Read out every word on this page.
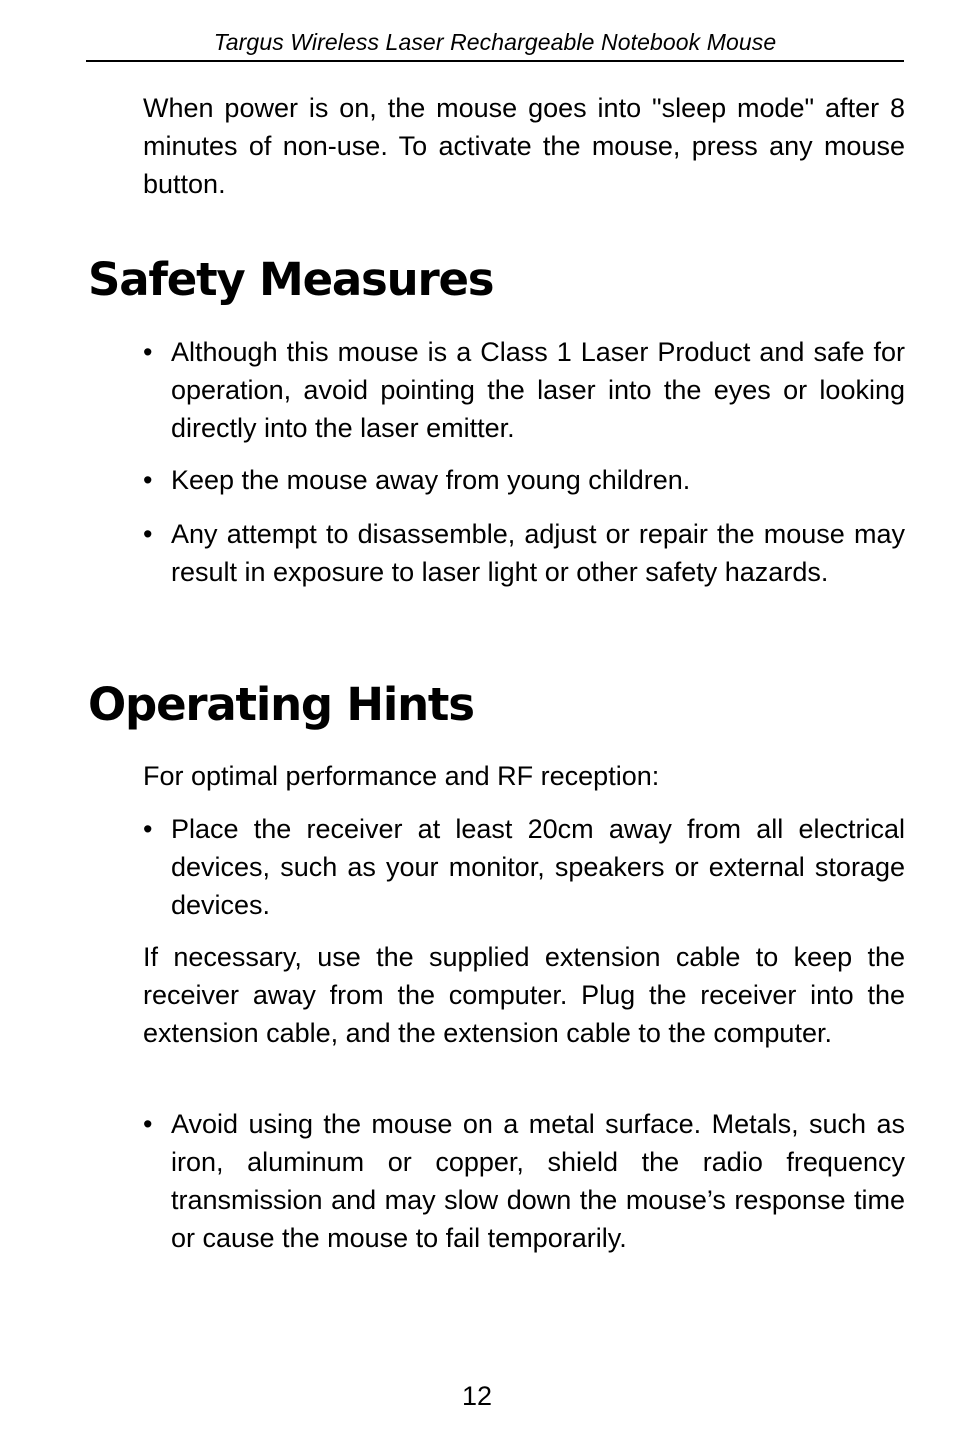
Targus Wireless Laser Rechargeable Notebook Mouse

When power is on, the mouse goes into "sleep mode" after 8 minutes of non-use. To activate the mouse, press any mouse button.

Safety Measures
• Although this mouse is a Class 1 Laser Product and safe for operation, avoid pointing the laser into the eyes or looking directly into the laser emitter.
• Keep the mouse away from young children.
• Any attempt to disassemble, adjust or repair the mouse may result in exposure to laser light or other safety hazards.
Operating Hints

For optimal performance and RF reception:

• Place the receiver at least 20cm away from all electrical devices, such as your monitor, speakers or external storage devices.

If necessary, use the supplied extension cable to keep the receiver away from the computer. Plug the receiver into the extension cable, and the extension cable to the computer.

• Avoid using the mouse on a metal surface. Metals, such as iron, aluminum or copper, shield the radio frequency transmission and may slow down the mouse’s response time or cause the mouse to fail temporarily.
12
